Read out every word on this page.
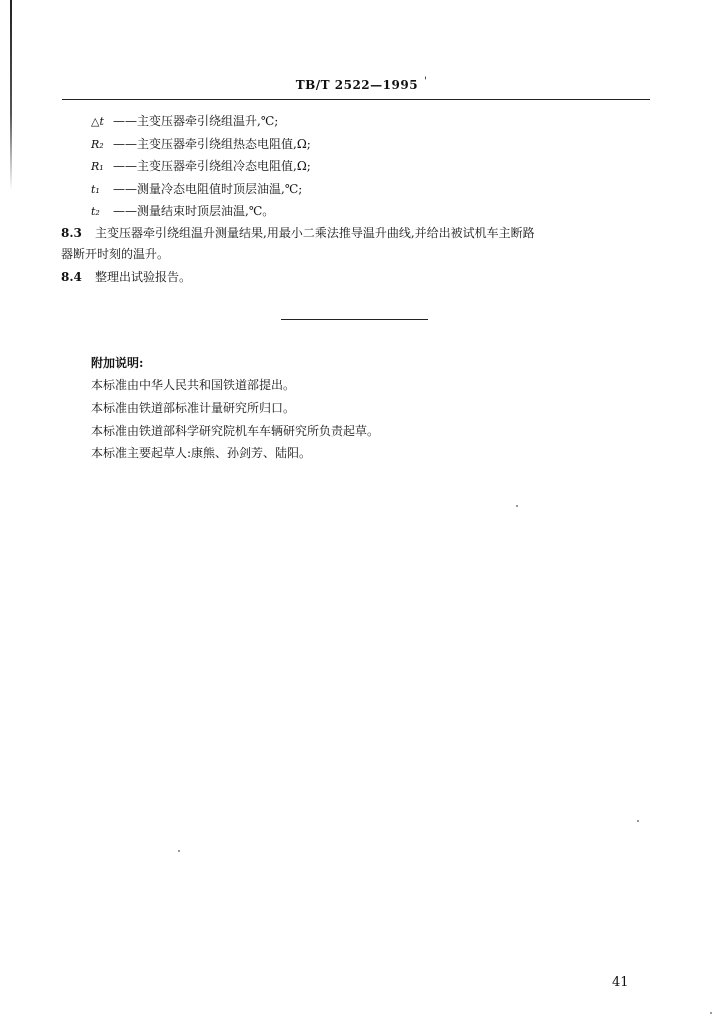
TB/T 2522—1995 '
△t ——主变压器牵引绕组温升,℃;
R₂ ——主变压器牵引绕组热态电阻值,Ω;
R₁ ——主变压器牵引绕组冷态电阻值,Ω;
t₁ ——测量冷态电阻值时顶层油温,℃;
t₂ ——测量结束时顶层油温,℃。
8.3 主变压器牵引绕组温升测量结果,用最小二乘法推导温升曲线,并给出被试机车主断路
器断开时刻的温升。
8.4 整理出试验报告。
附加说明:
本标准由中华人民共和国铁道部提出。
本标准由铁道部标准计量研究所归口。
本标准由铁道部科学研究院机车车辆研究所负责起草。
本标准主要起草人:康熊、孙剑芳、陆阳。
41
